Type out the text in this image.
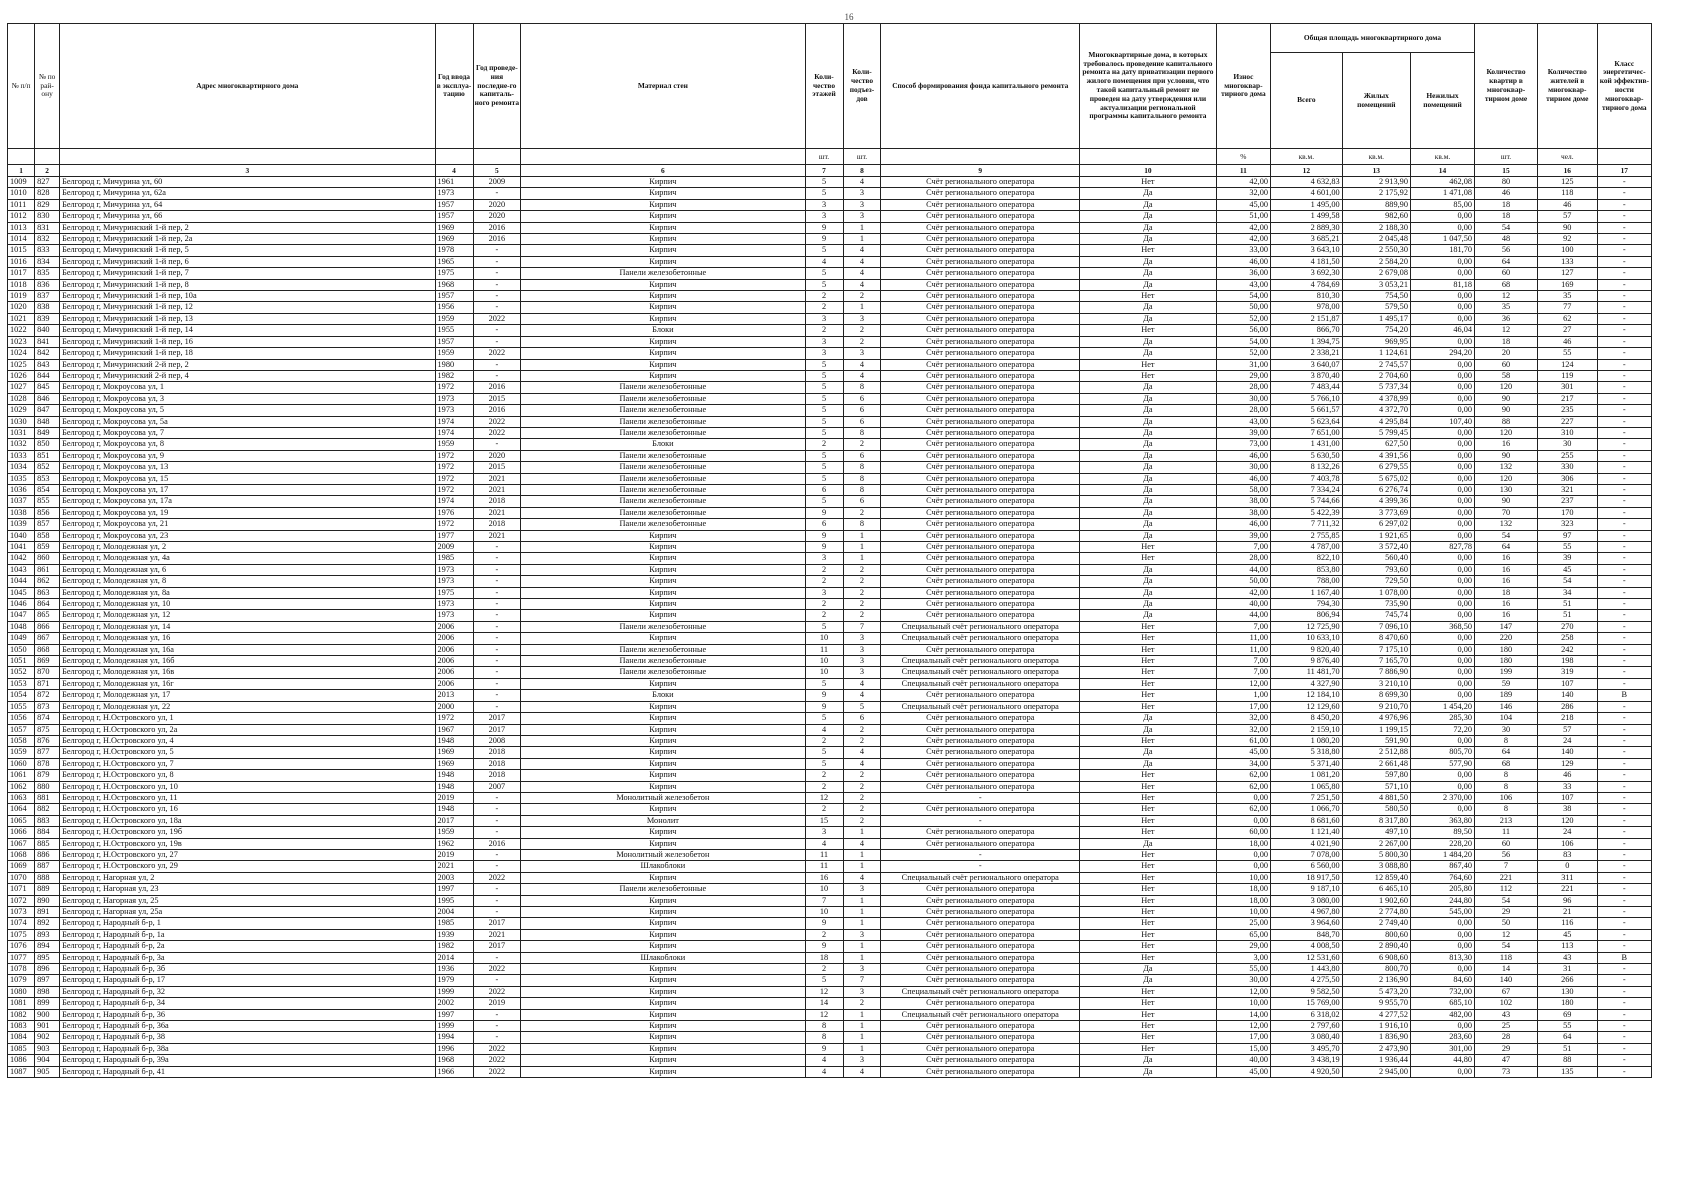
16
№ п/п	№ по рай-ону	Адрес многоквартирного дома	Год ввода в эксплуа-тацию	Год проведе-ния последне-го капиталь-ного ремонта	Материал стен	Коли-чество этажей	Коли-чество подъез-дов	Способ формирования фонда капитального ремонта	Многоквартирные дома, в которых требовалось проведение капитального ремонта на дату приватизации первого жилого помещения при условии, что такой капитальный ремонт не проведен на дату утверждения или актуализации региональной программы капитального ремонта	Износ многоквар-тирного дома	Общая площадь многоквартирного дома			Количество квартир в многоквар-тирном доме	Количество жителей в многоквар-тирном доме	Класс энергетичес-кой эффектив-ности многоквар-тирного дома
											Всего	Жилых помещений	Нежилых помещений			
						шт.	шт.			%	кв.м.	кв.м.	кв.м.	шт.	чел.	
1	2	3	4	5	6	7	8	9	10	11	12	13	14	15	16	17
1009	827	Белгород г, Мичурина ул, 60	1961	2009	Кирпич	5	4	Счёт регионального оператора	Нет	42,00	4 632,83	2 913,90	462,08	80	125	-
1010	828	Белгород г, Мичурина ул, 62а	1973	-	Кирпич	5	3	Счёт регионального оператора	Да	32,00	4 601,00	2 175,92	1 471,08	46	118	-
1011	829	Белгород г, Мичурина ул, 64	1957	2020	Кирпич	3	3	Счёт регионального оператора	Да	45,00	1 495,00	889,90	85,00	18	46	-
1012	830	Белгород г, Мичурина ул, 66	1957	2020	Кирпич	3	3	Счёт регионального оператора	Да	51,00	1 499,58	982,60	0,00	18	57	-
1013	831	Белгород г, Мичуринский 1-й пер, 2	1969	2016	Кирпич	9	1	Счёт регионального оператора	Да	42,00	2 889,30	2 188,30	0,00	54	90	-
1014	832	Белгород г, Мичуринский 1-й пер, 2а	1969	2016	Кирпич	9	1	Счёт регионального оператора	Да	42,00	3 685,21	2 045,48	1 047,50	48	92	-
1015	833	Белгород г, Мичуринский 1-й пер, 5	1978	-	Кирпич	5	4	Счёт регионального оператора	Нет	33,00	3 643,10	2 550,30	181,70	56	100	-
1016	834	Белгород г, Мичуринский 1-й пер, 6	1965	-	Кирпич	4	4	Счёт регионального оператора	Да	46,00	4 181,50	2 584,20	0,00	64	133	-
1017	835	Белгород г, Мичуринский 1-й пер, 7	1975	-	Панели железобетонные	5	4	Счёт регионального оператора	Да	36,00	3 692,30	2 679,08	0,00	60	127	-
1018	836	Белгород г, Мичуринский 1-й пер, 8	1968	-	Кирпич	5	4	Счёт регионального оператора	Да	43,00	4 784,69	3 053,21	81,18	68	169	-
1019	837	Белгород г, Мичуринский 1-й пер, 10а	1957	-	Кирпич	2	2	Счёт регионального оператора	Нет	54,00	810,30	754,50	0,00	12	35	-
1020	838	Белгород г, Мичуринский 1-й пер, 12	1956	-	Кирпич	2	1	Счёт регионального оператора	Да	50,00	978,00	579,50	0,00	35	77	-
1021	839	Белгород г, Мичуринский 1-й пер, 13	1959	2022	Кирпич	3	3	Счёт регионального оператора	Да	52,00	2 151,87	1 495,17	0,00	36	62	-
1022	840	Белгород г, Мичуринский 1-й пер, 14	1955	-	Блоки	2	2	Счёт регионального оператора	Нет	56,00	866,70	754,20	46,04	12	27	-
1023	841	Белгород г, Мичуринский 1-й пер, 16	1957	-	Кирпич	3	2	Счёт регионального оператора	Да	54,00	1 394,75	969,95	0,00	18	46	-
1024	842	Белгород г, Мичуринский 1-й пер, 18	1959	2022	Кирпич	3	3	Счёт регионального оператора	Да	52,00	2 338,21	1 124,61	294,20	20	55	-
1025	843	Белгород г, Мичуринский 2-й пер, 2	1980	-	Кирпич	5	4	Счёт регионального оператора	Нет	31,00	3 640,07	2 745,57	0,00	60	124	-
1026	844	Белгород г, Мичуринский 2-й пер, 4	1982	-	Кирпич	5	4	Счёт регионального оператора	Нет	29,00	3 870,40	2 704,60	0,00	58	119	-
1027	845	Белгород г, Мокроусова ул, 1	1972	2016	Панели железобетонные	5	8	Счёт регионального оператора	Да	28,00	7 483,44	5 737,34	0,00	120	301	-
1028	846	Белгород г, Мокроусова ул, 3	1973	2015	Панели железобетонные	5	6	Счёт регионального оператора	Да	30,00	5 766,10	4 378,99	0,00	90	217	-
1029	847	Белгород г, Мокроусова ул, 5	1973	2016	Панели железобетонные	5	6	Счёт регионального оператора	Да	28,00	5 661,57	4 372,70	0,00	90	235	-
1030	848	Белгород г, Мокроусова ул, 5а	1974	2022	Панели железобетонные	5	6	Счёт регионального оператора	Да	43,00	5 623,64	4 295,84	107,40	88	227	-
1031	849	Белгород г, Мокроусова ул, 7	1974	2022	Панели железобетонные	5	8	Счёт регионального оператора	Да	39,00	7 651,00	5 799,45	0,00	120	310	-
1032	850	Белгород г, Мокроусова ул, 8	1959	-	Блоки	2	2	Счёт регионального оператора	Да	73,00	1 431,00	627,50	0,00	16	30	-
1033	851	Белгород г, Мокроусова ул, 9	1972	2020	Панели железобетонные	5	6	Счёт регионального оператора	Да	46,00	5 630,50	4 391,56	0,00	90	255	-
1034	852	Белгород г, Мокроусова ул, 13	1972	2015	Панели железобетонные	5	8	Счёт регионального оператора	Да	30,00	8 132,26	6 279,55	0,00	132	330	-
1035	853	Белгород г, Мокроусова ул, 15	1972	2021	Панели железобетонные	5	8	Счёт регионального оператора	Да	46,00	7 403,78	5 675,02	0,00	120	306	-
1036	854	Белгород г, Мокроусова ул, 17	1972	2021	Панели железобетонные	6	8	Счёт регионального оператора	Да	58,00	7 334,24	6 276,74	0,00	130	321	-
1037	855	Белгород г, Мокроусова ул, 17а	1974	2018	Панели железобетонные	5	6	Счёт регионального оператора	Да	38,00	5 744,66	4 399,36	0,00	90	237	-
1038	856	Белгород г, Мокроусова ул, 19	1976	2021	Панели железобетонные	9	2	Счёт регионального оператора	Да	38,00	5 422,39	3 773,69	0,00	70	170	-
1039	857	Белгород г, Мокроусова ул, 21	1972	2018	Панели железобетонные	6	8	Счёт регионального оператора	Да	46,00	7 711,32	6 297,02	0,00	132	323	-
1040	858	Белгород г, Мокроусова ул, 23	1977	2021	Кирпич	9	1	Счёт регионального оператора	Да	39,00	2 755,85	1 921,65	0,00	54	97	-
1041	859	Белгород г, Молодежная ул, 2	2009	-	Кирпич	9	1	Счёт регионального оператора	Нет	7,00	4 787,00	3 572,40	827,78	64	55	-
1042	860	Белгород г, Молодежная ул, 4а	1985	-	Кирпич	3	1	Счёт регионального оператора	Нет	28,00	822,10	560,40	0,00	16	39	-
1043	861	Белгород г, Молодежная ул, 6	1973	-	Кирпич	2	2	Счёт регионального оператора	Да	44,00	853,80	793,60	0,00	16	45	-
1044	862	Белгород г, Молодежная ул, 8	1973	-	Кирпич	2	2	Счёт регионального оператора	Да	50,00	788,00	729,50	0,00	16	54	-
1045	863	Белгород г, Молодежная ул, 8а	1975	-	Кирпич	3	2	Счёт регионального оператора	Да	42,00	1 167,40	1 078,00	0,00	18	34	-
1046	864	Белгород г, Молодежная ул, 10	1973	-	Кирпич	2	2	Счёт регионального оператора	Да	40,00	794,30	735,90	0,00	16	51	-
1047	865	Белгород г, Молодежная ул, 12	1973	-	Кирпич	2	2	Счёт регионального оператора	Да	44,00	806,94	745,74	0,00	16	51	-
1048	866	Белгород г, Молодежная ул, 14	2006	-	Панели железобетонные	5	7	Специальный счёт регионального оператора	Нет	7,00	12 725,90	7 096,10	368,50	147	270	-
1049	867	Белгород г, Молодежная ул, 16	2006	-	Кирпич	10	3	Специальный счёт регионального оператора	Нет	11,00	10 633,10	8 470,60	0,00	220	258	-
1050	868	Белгород г, Молодежная ул, 16а	2006	-	Панели железобетонные	11	3	Счёт регионального оператора	Нет	11,00	9 820,40	7 175,10	0,00	180	242	-
1051	869	Белгород г, Молодежная ул, 16б	2006	-	Панели железобетонные	10	3	Специальный счёт регионального оператора	Нет	7,00	9 876,40	7 165,70	0,00	180	198	-
1052	870	Белгород г, Молодежная ул, 16в	2006	-	Панели железобетонные	10	3	Специальный счёт регионального оператора	Нет	7,00	11 481,70	7 886,90	0,00	199	319	-
1053	871	Белгород г, Молодежная ул, 16г	2006	-	Кирпич	5	4	Специальный счёт регионального оператора	Нет	12,00	4 327,90	3 210,10	0,00	59	107	-
1054	872	Белгород г, Молодежная ул, 17	2013	-	Блоки	9	4	Счёт регионального оператора	Нет	1,00	12 184,10	8 699,30	0,00	189	140	В
1055	873	Белгород г, Молодежная ул, 22	2000	-	Кирпич	9	5	Специальный счёт регионального оператора	Нет	17,00	12 129,60	9 210,70	1 454,20	146	286	-
1056	874	Белгород г, Н.Островского ул, 1	1972	2017	Кирпич	5	6	Счёт регионального оператора	Да	32,00	8 450,20	4 976,96	285,30	104	218	-
1057	875	Белгород г, Н.Островского ул, 2а	1967	2017	Кирпич	4	2	Счёт регионального оператора	Да	32,00	2 159,10	1 199,15	72,20	30	57	-
1058	876	Белгород г, Н.Островского ул, 4	1948	2008	Кирпич	2	2	Счёт регионального оператора	Нет	61,00	1 080,20	591,90	0,00	8	24	-
1059	877	Белгород г, Н.Островского ул, 5	1969	2018	Кирпич	5	4	Счёт регионального оператора	Да	45,00	5 318,80	2 512,88	805,70	64	140	-
1060	878	Белгород г, Н.Островского ул, 7	1969	2018	Кирпич	5	4	Счёт регионального оператора	Да	34,00	5 371,40	2 661,48	577,90	68	129	-
1061	879	Белгород г, Н.Островского ул, 8	1948	2018	Кирпич	2	2	Счёт регионального оператора	Нет	62,00	1 081,20	597,80	0,00	8	46	-
1062	880	Белгород г, Н.Островского ул, 10	1948	2007	Кирпич	2	2	Счёт регионального оператора	Нет	62,00	1 065,80	571,10	0,00	8	33	-
1063	881	Белгород г, Н.Островского ул, 11	2019	-	Монолитный железобетон	12	2	-	Нет	0,00	7 251,50	4 881,50	2 370,00	106	107	-
1064	882	Белгород г, Н.Островского ул, 16	1948	-	Кирпич	2	2	Счёт регионального оператора	Нет	62,00	1 066,70	580,50	0,00	8	38	-
1065	883	Белгород г, Н.Островского ул, 18а	2017	-	Монолит	15	2	-	Нет	0,00	8 681,60	8 317,80	363,80	213	120	-
1066	884	Белгород г, Н.Островского ул, 19б	1959	-	Кирпич	3	1	Счёт регионального оператора	Нет	60,00	1 121,40	497,10	89,50	11	24	-
1067	885	Белгород г, Н.Островского ул, 19в	1962	2016	Кирпич	4	4	Счёт регионального оператора	Да	18,00	4 021,90	2 267,00	228,20	60	106	-
1068	886	Белгород г, Н.Островского ул, 27	2019	-	Монолитный железобетон	11	1	-	Нет	0,00	7 078,00	5 800,30	1 484,20	56	83	-
1069	887	Белгород г, Н.Островского ул, 29	2021	-	Шлакоблоки	11	1	-	Нет	0,00	6 560,00	3 088,80	867,40	7	0	-
1070	888	Белгород г, Нагорная ул, 2	2003	2022	Кирпич	16	4	Специальный счёт регионального оператора	Нет	10,00	18 917,50	12 859,40	764,60	221	311	-
1071	889	Белгород г, Нагорная ул, 23	1997	-	Панели железобетонные	10	3	Счёт регионального оператора	Нет	18,00	9 187,10	6 465,10	205,80	112	221	-
1072	890	Белгород г, Нагорная ул, 25	1995	-	Кирпич	7	1	Счёт регионального оператора	Нет	18,00	3 080,00	1 902,60	244,80	54	96	-
1073	891	Белгород г, Нагорная ул, 25а	2004	-	Кирпич	10	1	Счёт регионального оператора	Нет	10,00	4 967,80	2 774,80	545,00	29	21	-
1074	892	Белгород г, Народный б-р, 1	1985	2017	Кирпич	9	1	Счёт регионального оператора	Нет	25,00	3 964,60	2 749,40	0,00	50	116	-
1075	893	Белгород г, Народный б-р, 1а	1939	2021	Кирпич	2	3	Счёт регионального оператора	Нет	65,00	848,70	800,60	0,00	12	45	-
1076	894	Белгород г, Народный б-р, 2а	1982	2017	Кирпич	9	1	Счёт регионального оператора	Нет	29,00	4 008,50	2 890,40	0,00	54	113	-
1077	895	Белгород г, Народный б-р, 3а	2014	-	Шлакоблоки	18	1	Счёт регионального оператора	Нет	3,00	12 531,60	6 908,60	813,30	118	43	В
1078	896	Белгород г, Народный б-р, 3б	1936	2022	Кирпич	2	3	Счёт регионального оператора	Да	55,00	1 443,80	800,70	0,00	14	31	-
1079	897	Белгород г, Народный б-р, 17	1979	-	Кирпич	5	7	Счёт регионального оператора	Да	30,00	4 275,50	2 136,90	84,60	140	266	-
1080	898	Белгород г, Народный б-р, 32	1999	2022	Кирпич	12	3	Специальный счёт регионального оператора	Нет	12,00	9 582,50	5 473,20	732,00	67	130	-
1081	899	Белгород г, Народный б-р, 34	2002	2019	Кирпич	14	2	Счёт регионального оператора	Нет	10,00	15 769,00	9 955,70	685,10	102	180	-
1082	900	Белгород г, Народный б-р, 36	1997	-	Кирпич	12	1	Специальный счёт регионального оператора	Нет	14,00	6 318,02	4 277,52	482,00	43	69	-
1083	901	Белгород г, Народный б-р, 36а	1999	-	Кирпич	8	1	Счёт регионального оператора	Нет	12,00	2 797,60	1 916,10	0,00	25	55	-
1084	902	Белгород г, Народный б-р, 38	1994	-	Кирпич	8	1	Счёт регионального оператора	Нет	17,00	3 080,40	1 836,90	283,60	28	64	-
1085	903	Белгород г, Народный б-р, 38а	1996	2022	Кирпич	9	1	Счёт регионального оператора	Нет	15,00	3 495,70	2 473,90	301,00	29	51	-
1086	904	Белгород г, Народный б-р, 39а	1968	2022	Кирпич	4	3	Счёт регионального оператора	Да	40,00	3 438,19	1 936,44	44,80	47	88	-
1087	905	Белгород г, Народный б-р, 41	1966	2022	Кирпич	4	4	Счёт регионального оператора	Да	45,00	4 920,50	2 945,00	0,00	73	135	-
